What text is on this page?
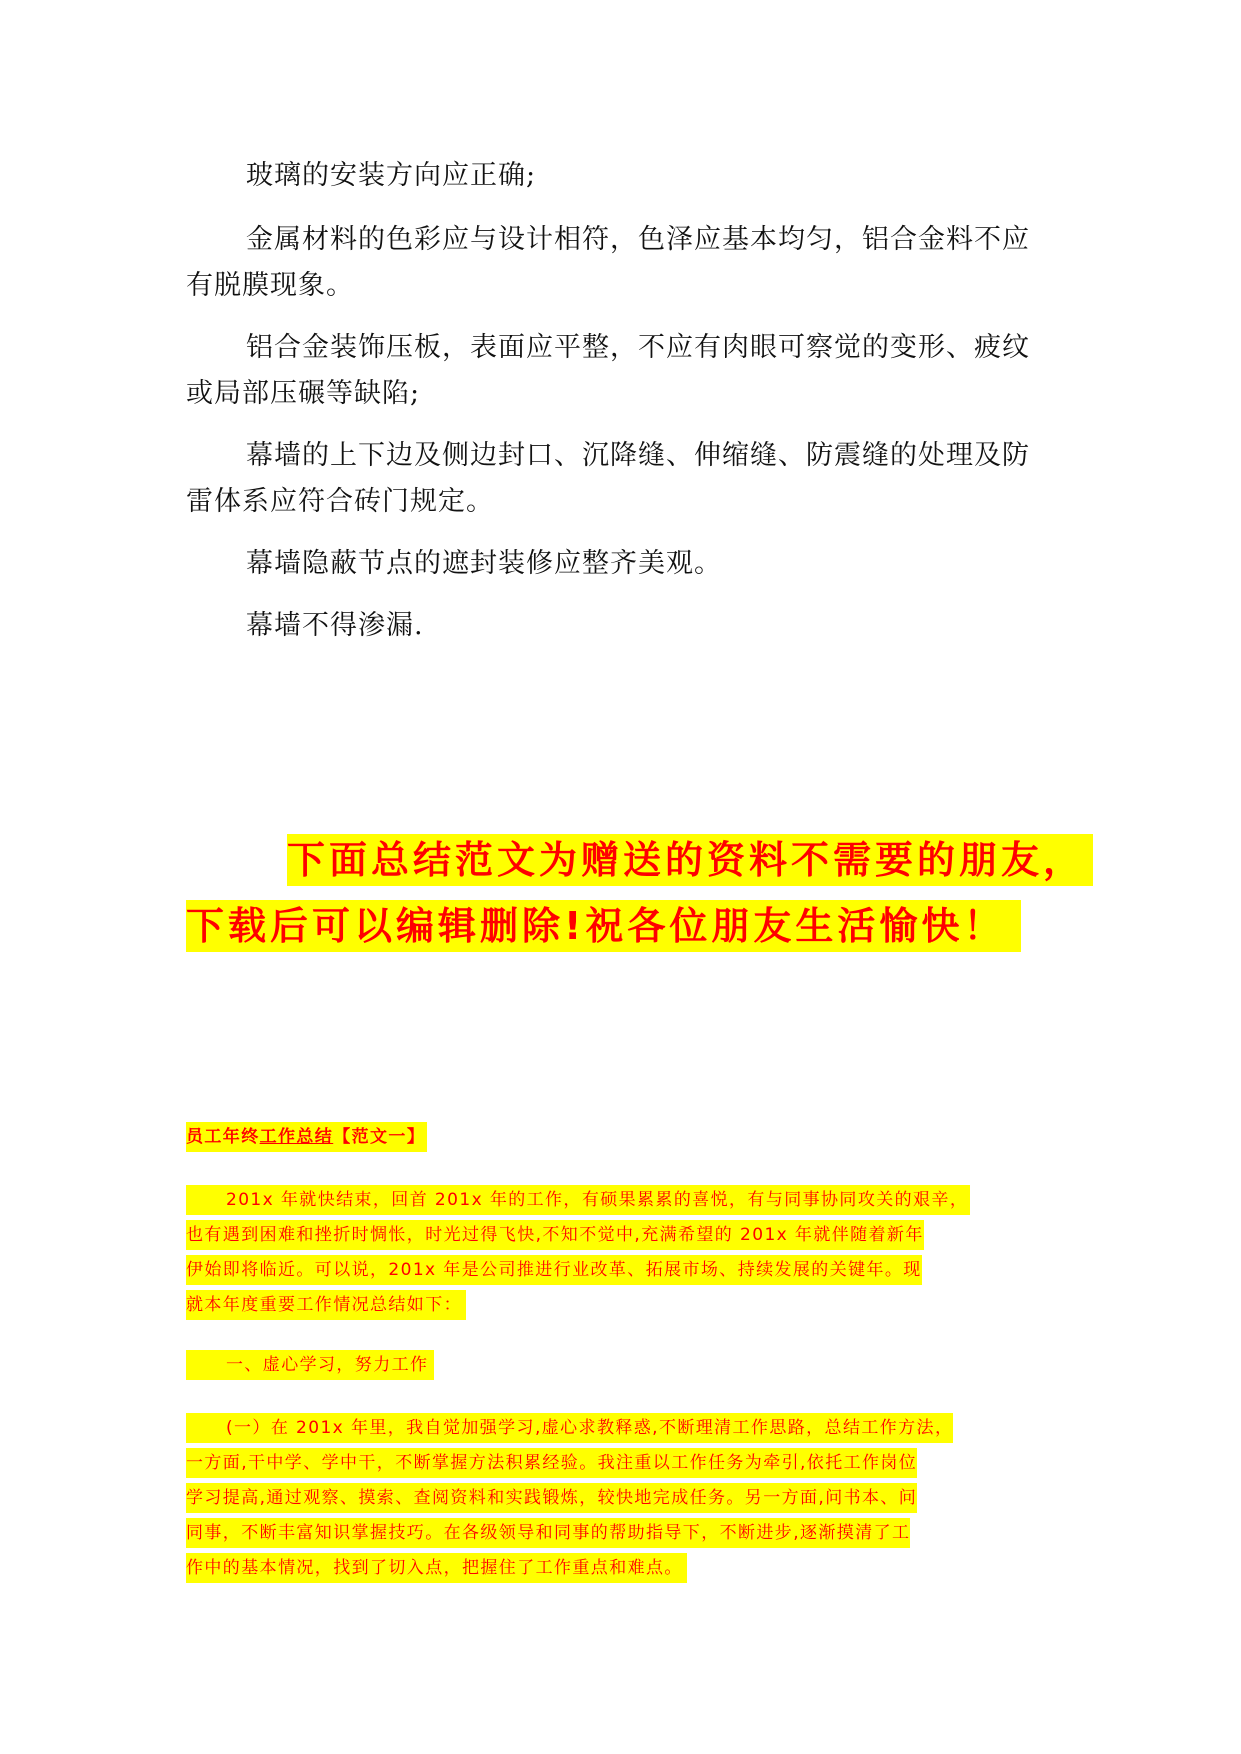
玻璃的安装方向应正确;
金属材料的色彩应与设计相符，色泽应基本均匀，铝合金料不应
有脱膜现象。
铝合金装饰压板，表面应平整，不应有肉眼可察觉的变形、疲纹
或局部压碾等缺陷;
幕墙的上下边及侧边封口、沉降缝、伸缩缝、防震缝的处理及防
雷体系应符合砖门规定。
幕墙隐蔽节点的遮封装修应整齐美观。
幕墙不得渗漏.
下面总结范文为赠送的资料不需要的朋友，
下载后可以编辑删除!祝各位朋友生活愉快！
员工年终工作总结【范文一】
201x 年就快结束，回首 201x 年的工作，有硕果累累的喜悦，有与同事协同攻关的艰辛，
也有遇到困难和挫折时惆怅，时光过得飞快,不知不觉中,充满希望的 201x 年就伴随着新年
伊始即将临近。可以说，201x 年是公司推进行业改革、拓展市场、持续发展的关键年。现
就本年度重要工作情况总结如下：
一、虚心学习，努力工作
(一）在 201x 年里，我自觉加强学习,虚心求教释惑,不断理清工作思路，总结工作方法，
一方面,干中学、学中干，不断掌握方法积累经验。我注重以工作任务为牵引,依托工作岗位
学习提高,通过观察、摸索、查阅资料和实践锻炼，较快地完成任务。另一方面,问书本、问
同事，不断丰富知识掌握技巧。在各级领导和同事的帮助指导下，不断进步,逐渐摸清了工
作中的基本情况，找到了切入点，把握住了工作重点和难点。
